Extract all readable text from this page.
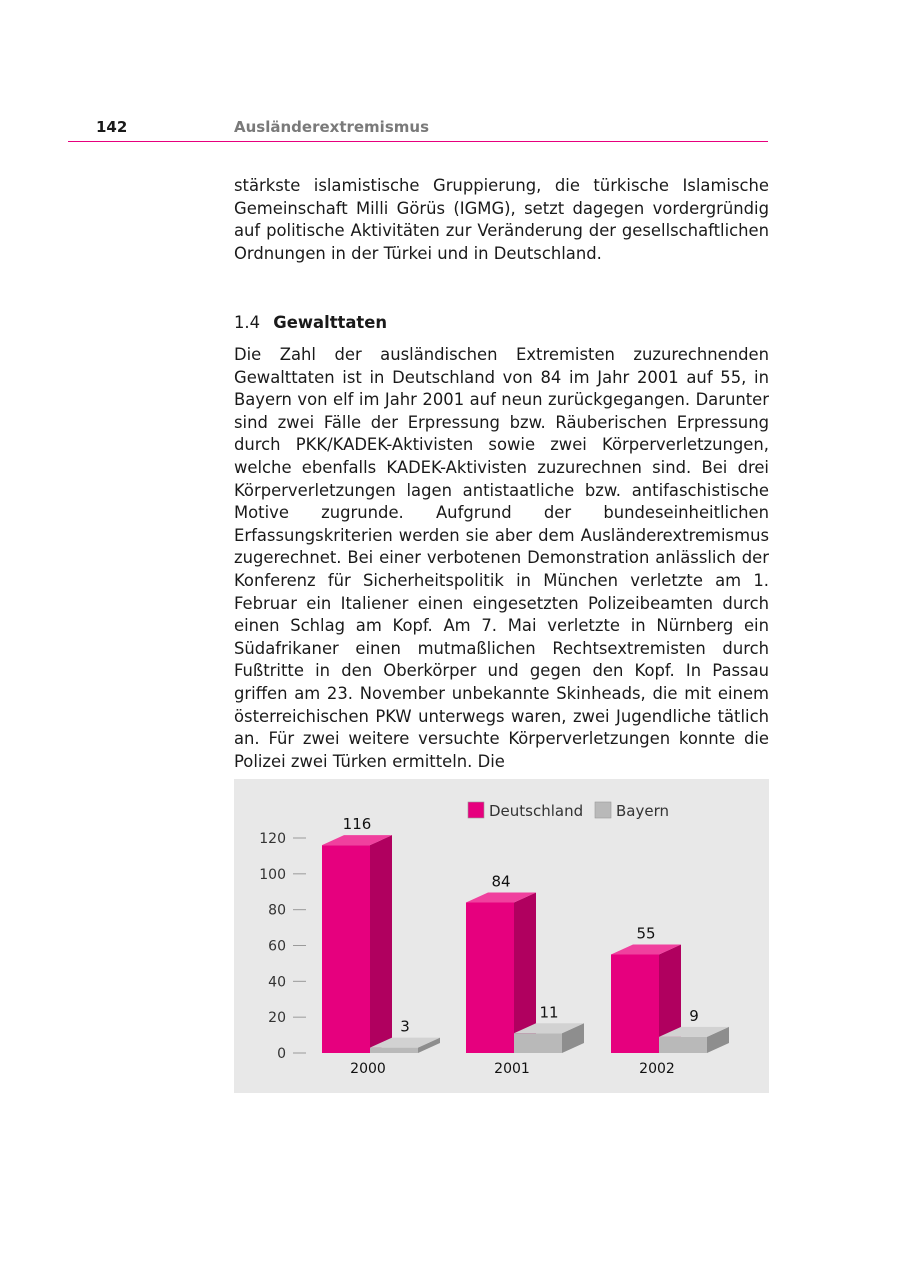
142	Ausländerextremismus
stärkste islamistische Gruppierung, die türkische Islamische Gemeinschaft Milli Görüs (IGMG), setzt dagegen vordergründig auf politische Aktivitäten zur Veränderung der gesellschaftlichen Ordnungen in der Türkei und in Deutschland.
1.4 Gewalttaten
Die Zahl der ausländischen Extremisten zuzurechnenden Gewalttaten ist in Deutschland von 84 im Jahr 2001 auf 55, in Bayern von elf im Jahr 2001 auf neun zurückgegangen. Darunter sind zwei Fälle der Erpressung bzw. Räuberischen Erpressung durch PKK/KADEK-Aktivisten sowie zwei Körperverletzungen, welche ebenfalls KADEK-Aktivisten zuzurechnen sind. Bei drei Körperverletzungen lagen antistaatliche bzw. antifaschistische Motive zugrunde. Aufgrund der bundeseinheitlichen Erfassungskriterien werden sie aber dem Ausländerextremismus zugerechnet. Bei einer verbotenen Demonstration anlässlich der Konferenz für Sicherheitspolitik in München verletzte am 1. Februar ein Italiener einen eingesetzten Polizeibeamten durch einen Schlag am Kopf. Am 7. Mai verletzte in Nürnberg ein Südafrikaner einen mutmaßlichen Rechtsextremisten durch Fußtritte in den Oberkörper und gegen den Kopf. In Passau griffen am 23. November unbekannte Skinheads, die mit einem österreichischen PKW unterwegs waren, zwei Jugendliche tätlich an. Für zwei weitere versuchte Körperverletzungen konnte die Polizei zwei Türken ermitteln. Die
0
20
40
60
80
100
120
116
3
2000
84
11
2001
55
9
2002
Deutschland Bayern
